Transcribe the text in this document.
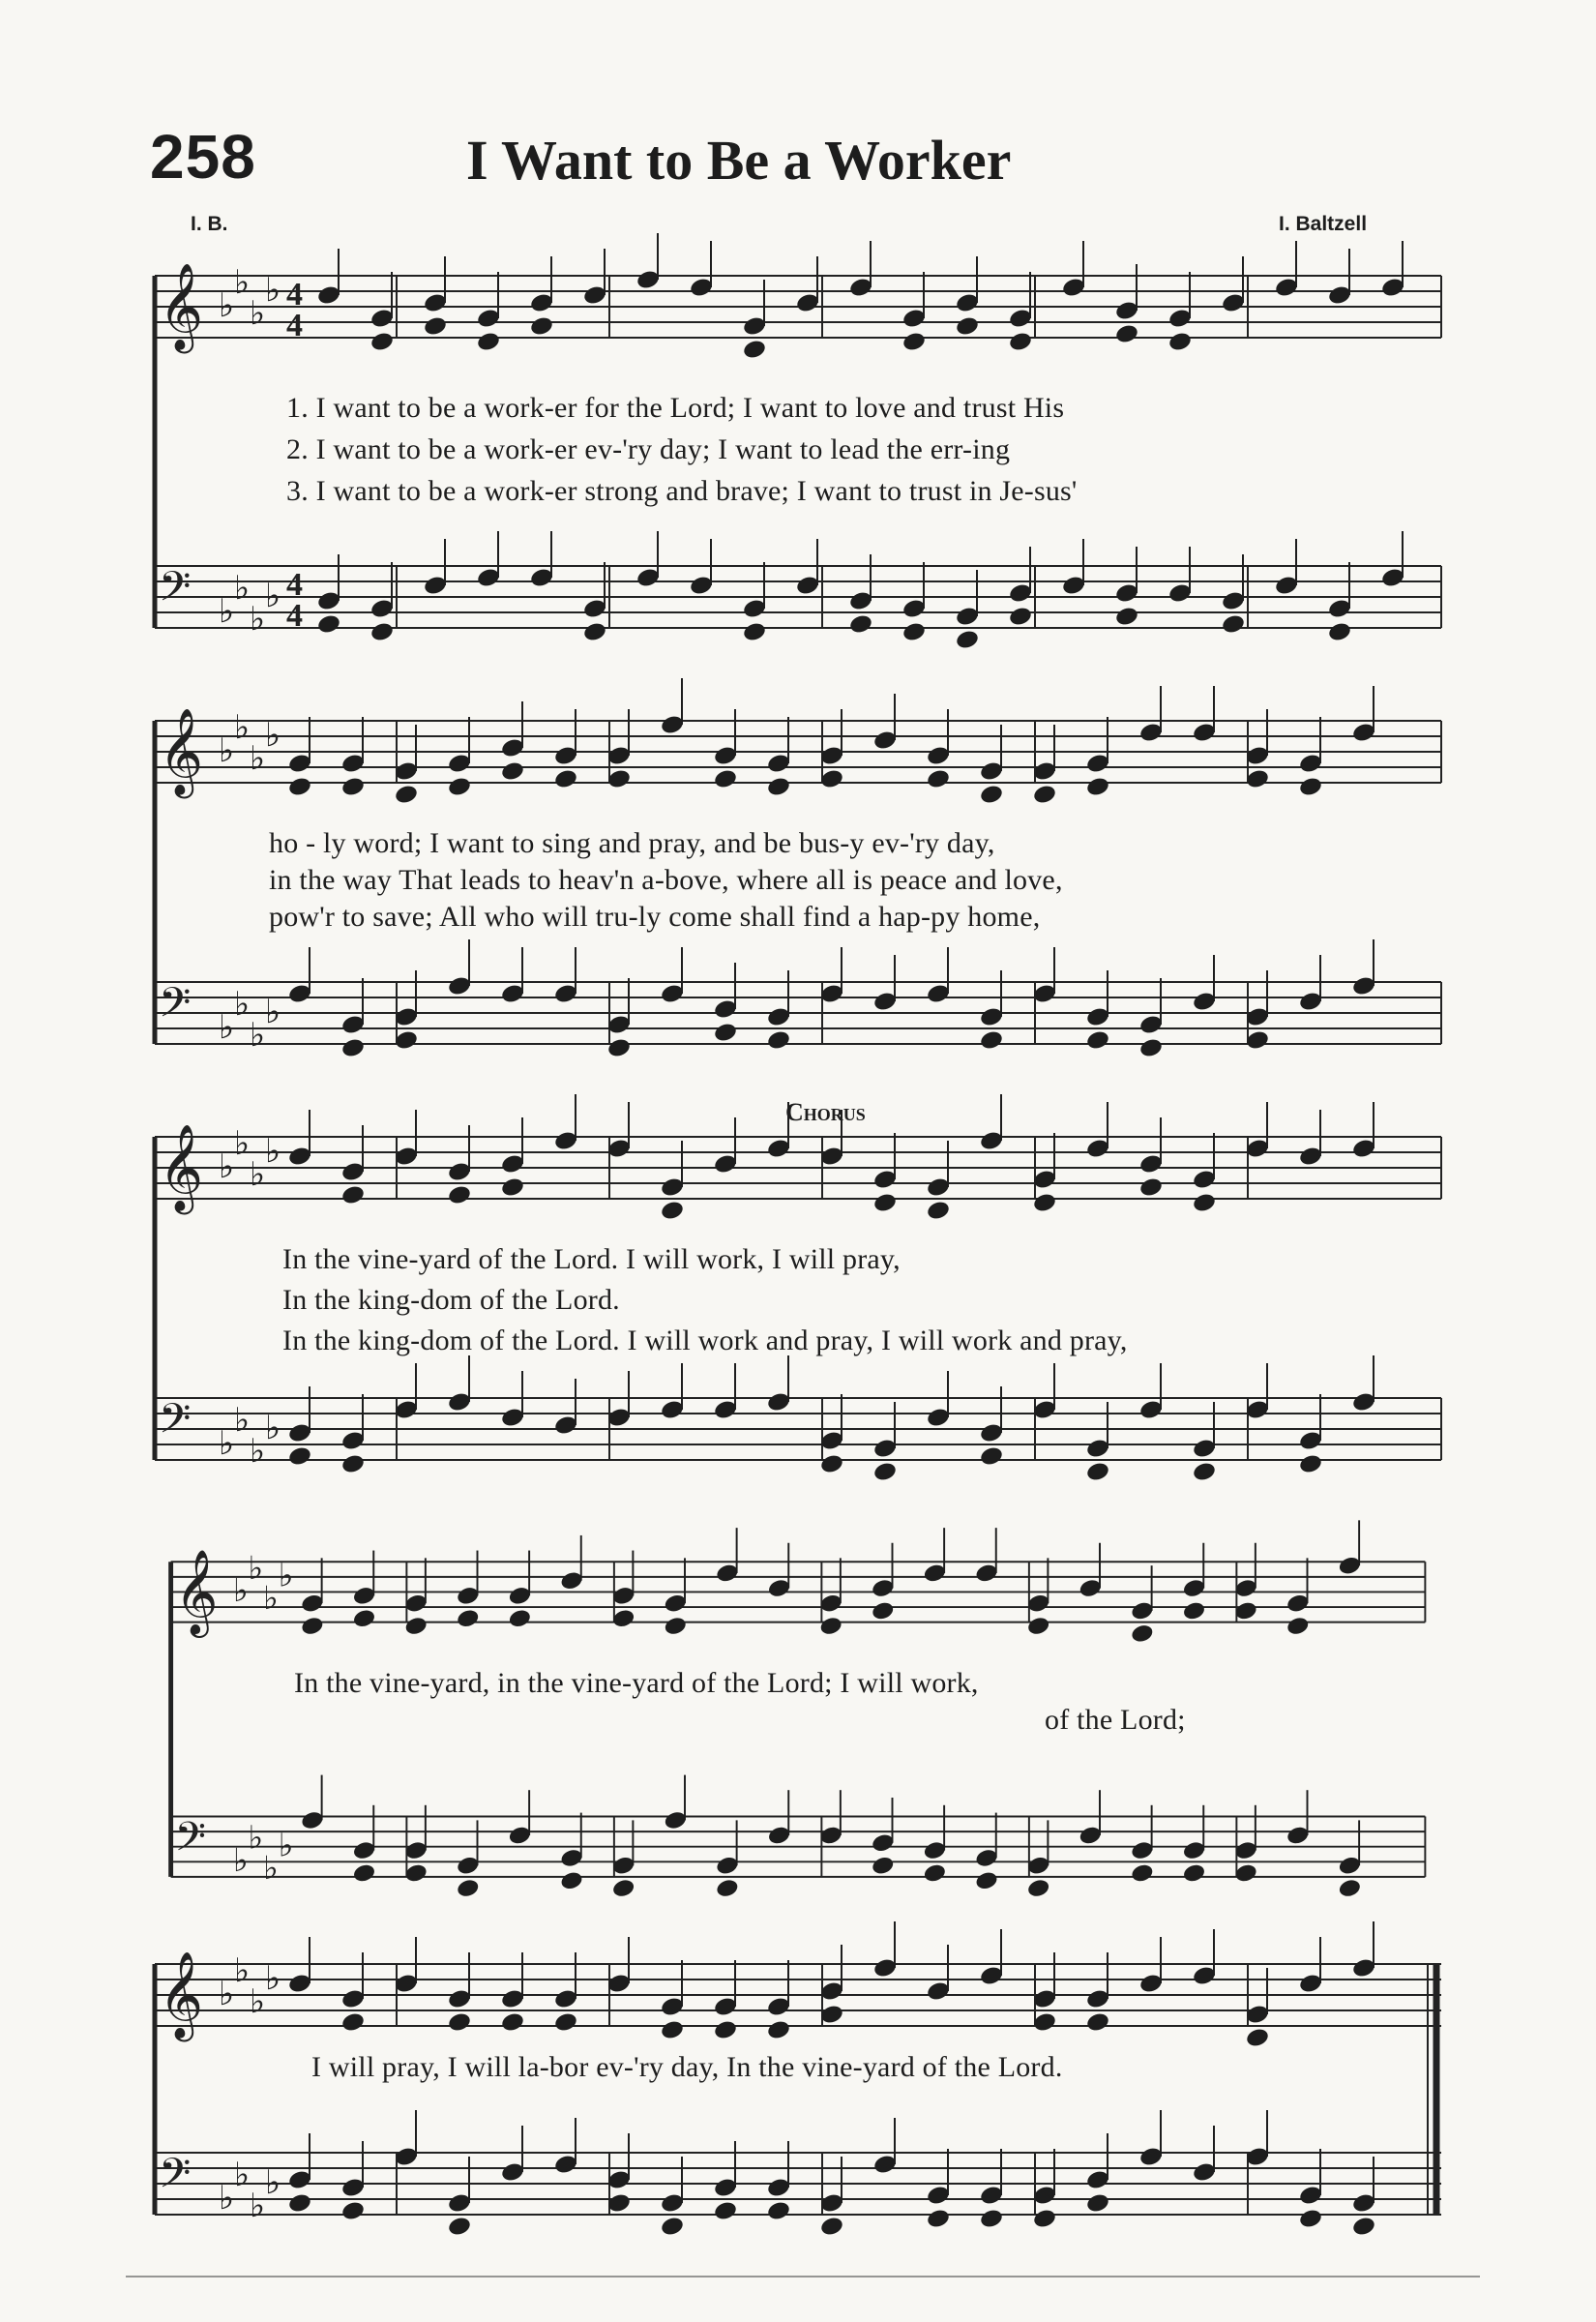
258	I Want to Be a Worker
I. B.	I. Baltzell
𝄞 ♭
♭
♭
♭ 4
4
𝄢 ♭
♭
♭
♭ 4
4
1. I want to be a work-er for the Lord; I want to love and trust His
2. I want to be a work-er ev-'ry day; I want to lead the err-ing
3. I want to be a work-er strong and brave; I want to trust in Je-sus'
𝄞 ♭
♭
♭
♭
𝄢 ♭
♭
♭
♭
ho - ly word; I want to sing and pray, and be bus-y ev-'ry day,
in the way That leads to heav'n a-bove, where all is peace and love,
pow'r to save; All who will tru-ly come shall find a hap-py home,
𝄞 ♭
♭
♭
♭
𝄢 ♭
♭
♭
♭
Chorus
In the vine-yard of the Lord. I will work, I will pray,
In the king-dom of the Lord.
In the king-dom of the Lord. I will work and pray, I will work and pray,
𝄞 ♭
♭
♭
♭
𝄢 ♭
♭
♭
♭
In the vine-yard, in the vine-yard of the Lord; I will work,
of the Lord;
𝄞 ♭
♭
♭
♭
𝄢 ♭
♭
♭
♭
I will pray, I will la-bor ev-'ry day, In the vine-yard of the Lord.
